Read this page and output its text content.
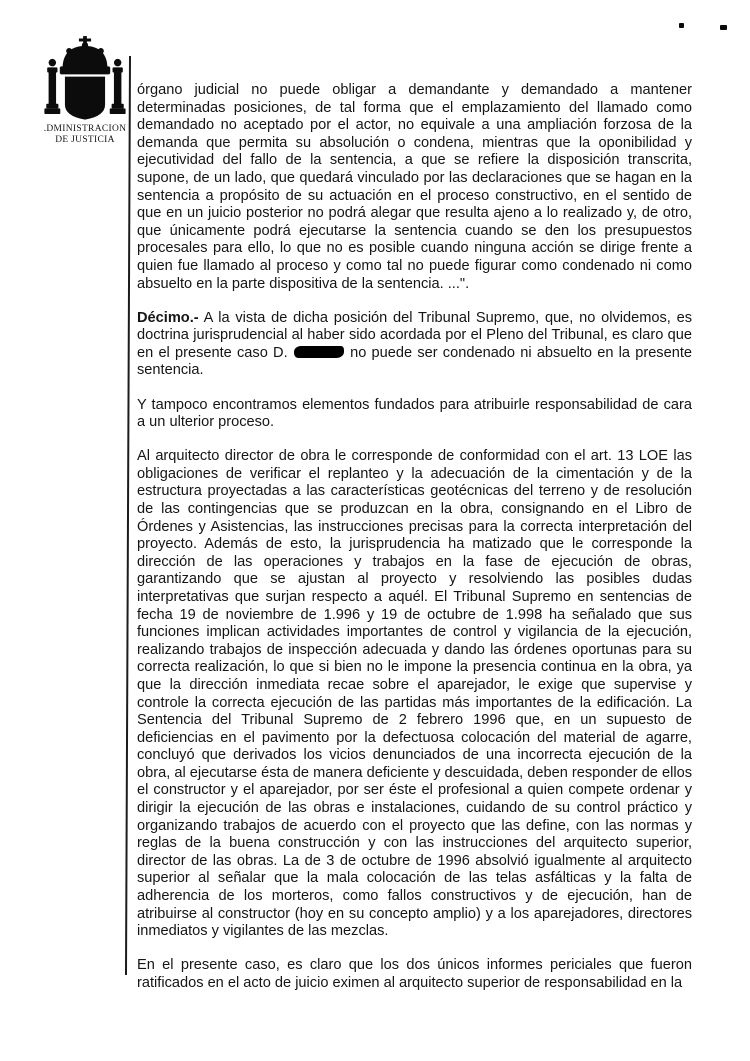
.DMINISTRACION
DE JUSTICIA

órgano judicial no puede obligar a demandante y demandado a mantener determinadas posiciones, de tal forma que el emplazamiento del llamado como demandado no aceptado por el actor, no equivale a una ampliación forzosa de la demanda que permita su absolución o condena, mientras que la oponibilidad y ejecutividad del fallo de la sentencia, a que se refiere la disposición transcrita, supone, de un lado, que quedará vinculado por las declaraciones que se hagan en la sentencia a propósito de su actuación en el proceso constructivo, en el sentido de que en un juicio posterior no podrá alegar que resulta ajeno a lo realizado y, de otro, que únicamente podrá ejecutarse la sentencia cuando se den los presupuestos procesales para ello, lo que no es posible cuando ninguna acción se dirige frente a quien fue llamado al proceso y como tal no puede figurar como condenado ni como absuelto en la parte dispositiva de la sentencia. ...".

Décimo.- A la vista de dicha posición del Tribunal Supremo, que, no olvidemos, es doctrina jurisprudencial al haber sido acordada por el Pleno del Tribunal, es claro que en el presente caso D.	no puede ser condenado ni absuelto en la presente sentencia.

Y tampoco encontramos elementos fundados para atribuirle responsabilidad de cara a un ulterior proceso.

Al arquitecto director de obra le corresponde de conformidad con el art. 13 LOE las obligaciones de verificar el replanteo y la adecuación de la cimentación y de la estructura proyectadas a las características geotécnicas del terreno y de resolución de las contingencias que se produzcan en la obra, consignando en el Libro de Órdenes y Asistencias, las instrucciones precisas para la correcta interpretación del proyecto. Además de esto, la jurisprudencia ha matizado que le corresponde la dirección de las operaciones y trabajos en la fase de ejecución de obras, garantizando que se ajustan al proyecto y resolviendo las posibles dudas interpretativas que surjan respecto a aquél. El Tribunal Supremo en sentencias de fecha 19 de noviembre de 1.996 y 19 de octubre de 1.998 ha señalado que sus funciones implican actividades importantes de control y vigilancia de la ejecución, realizando trabajos de inspección adecuada y dando las órdenes oportunas para su correcta realización, lo que si bien no le impone la presencia continua en la obra, ya que la dirección inmediata recae sobre el aparejador, le exige que supervise y controle la correcta ejecución de las partidas más importantes de la edificación. La Sentencia del Tribunal Supremo de 2 febrero 1996 que, en un supuesto de deficiencias en el pavimento por la defectuosa colocación del material de agarre, concluyó que derivados los vicios denunciados de una incorrecta ejecución de la obra, al ejecutarse ésta de manera deficiente y descuidada, deben responder de ellos el constructor y el aparejador, por ser éste el profesional a quien compete ordenar y dirigir la ejecución de las obras e instalaciones, cuidando de su control práctico y organizando trabajos de acuerdo con el proyecto que las define, con las normas y reglas de la buena construcción y con las instrucciones del arquitecto superior, director de las obras. La de 3 de octubre de 1996 absolvió igualmente al arquitecto superior al señalar que la mala colocación de las telas asfálticas y la falta de adherencia de los morteros, como fallos constructivos y de ejecución, han de atribuirse al constructor (hoy en su concepto amplio) y a los aparejadores, directores inmediatos y vigilantes de las mezclas.

En el presente caso, es claro que los dos únicos informes periciales que fueron ratificados en el acto de juicio eximen al arquitecto superior de responsabilidad en la
